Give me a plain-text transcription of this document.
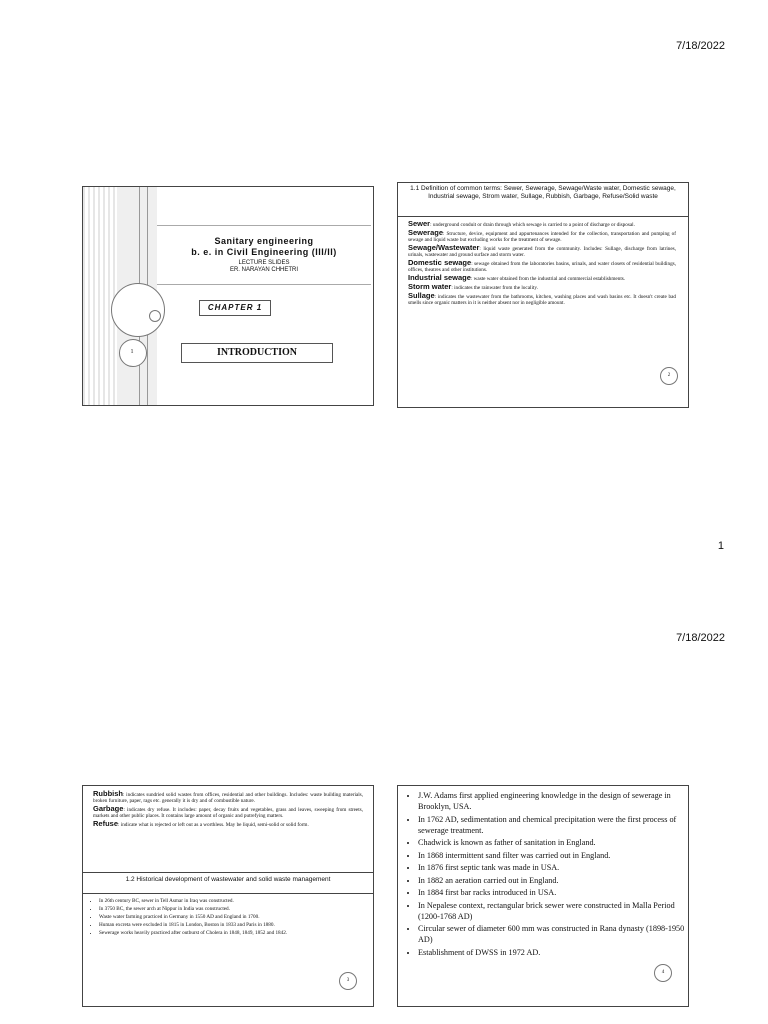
7/18/2022
Sanitary engineering
b. e. in Civil Engineering (III/II)
LECTURE SLIDES
ER. NARAYAN CHHETRI
CHAPTER 1
INTRODUCTION
1
1.1 Definition of common terms: Sewer, Sewerage, Sewage/Waste water, Domestic sewage, Industrial sewage, Strom water, Sullage, Rubbish, Garbage, Refuse/Solid waste
Sewer: underground conduit or drain through which sewage is carried to a point of discharge or disposal.
Sewerage: Structure, device, equipment and appurtenances intended for the collection, transportation and pumping of sewage and liquid waste but excluding works for the treatment of sewage.
Sewage/Wastewater: liquid waste generated from the community. Includes: Sullage, discharge from latrines, urinals, wastewater and ground surface and storm water.
Domestic sewage: sewage obtained from the laboratories basins, urinals, and water closets of residential buildings, offices, theatres and other institutions.
Industrial sewage: waste water obtained from the industrial and commercial establishments.
Storm water: indicates the rainwater from the locality.
Sullage: indicates the wastewater from the bathrooms, kitchen, washing places and wash basins etc. It doesn't create bad smells since organic matters in it is neither absent nor in negligible amount.
2
1
7/18/2022
Rubbish: indicates sundried solid wastes from offices, residential and other buildings. Includes: waste building materials, broken furniture, paper, rags etc. generally it is dry and of combustible nature.
Garbage: indicates dry refuse. It includes: paper, decay fruits and vegetables, grass and leaves, sweeping from streets, markets and other public places. It contains large amount of organic and putrefying matters.
Refuse: indicate what is rejected or left out as a worthless. May be liquid, semi-solid or solid form.
1.2 Historical development of wastewater and solid waste management
• In 26th century BC, sewer in Tell Asmar in Iraq was constructed.
• In 3750 BC, the sewer arch at Nippur in India was constructed.
• Waste water farming practiced in Germany in 1550 AD and England in 1700.
• Human excreta were excluded in 1815 in London, Boston in 1833 and Paris in 1880.
• Sewerage works heavily practiced after outburst of Cholera in 1848, 1849, 1852 and 1842.
3
• J.W. Adams first applied engineering knowledge in the design of sewerage in Brooklyn, USA.
• In 1762 AD, sedimentation and chemical precipitation were the first process of sewerage treatment.
• Chadwick is known as father of sanitation in England.
• In 1868 intermittent sand filter was carried out in England.
• In 1876 first septic tank was made in USA.
• In 1882 an aeration carried out in England.
• In 1884 first bar racks introduced in USA.
• In Nepalese context, rectangular brick sewer were constructed in Malla Period (1200-1768 AD)
• Circular sewer of diameter 600 mm was constructed in Rana dynasty (1898-1950 AD)
• Establishment of DWSS in 1972 AD.
4
